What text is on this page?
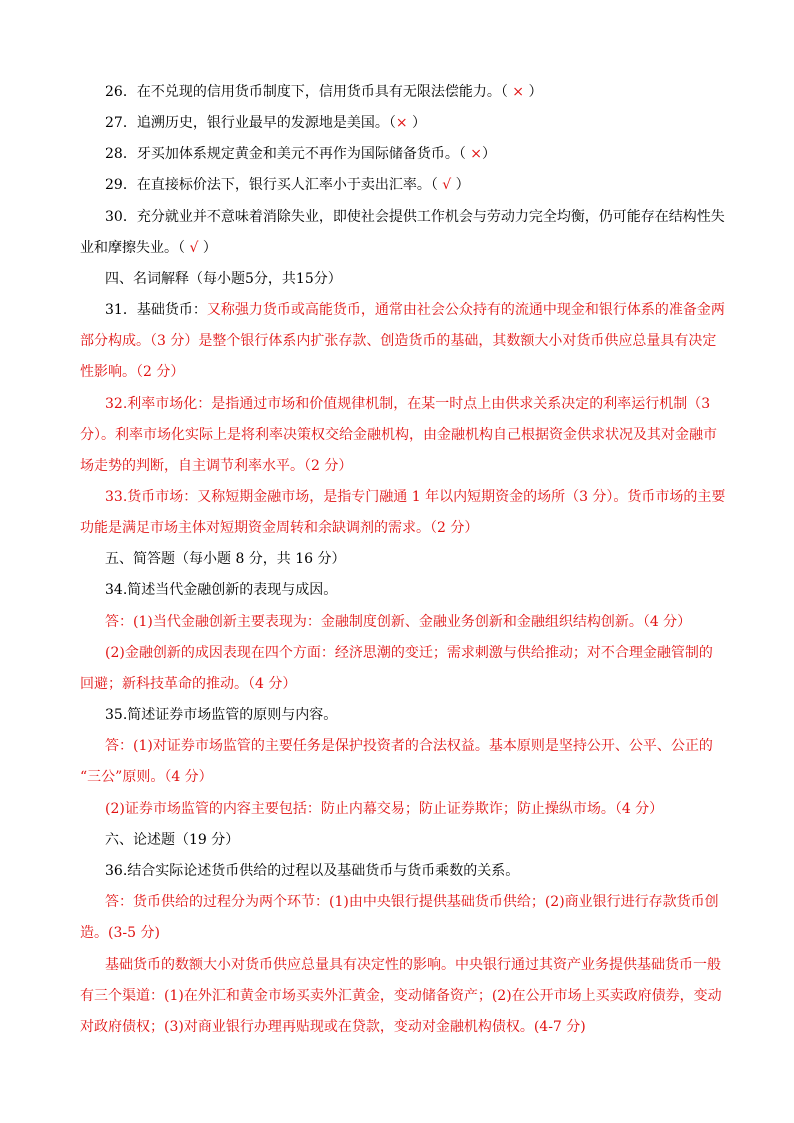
26．在不兑现的信用货币制度下，信用货币具有无限法偿能力。（ × ）
27．追溯历史，银行业最早的发源地是美国。（× ）
28．牙买加体系规定黄金和美元不再作为国际储备货币。（ ×）
29．在直接标价法下，银行买人汇率小于卖出汇率。（ √ ）
30．充分就业并不意味着消除失业，即使社会提供工作机会与劳动力完全均衡，仍可能存在结构性失
业和摩擦失业。（ √ ）
四、名词解释（每小题5分，共15分）
31．基础货币：又称强力货币或高能货币，通常由社会公众持有的流通中现金和银行体系的准备金两
部分构成。（3 分）是整个银行体系内扩张存款、创造货币的基础，其数额大小对货币供应总量具有决定
性影响。（2 分）
32.利率市场化：是指通过市场和价值规律机制，在某一时点上由供求关系决定的利率运行机制（3
分）。利率市场化实际上是将利率决策权交给金融机构，由金融机构自己根据资金供求状况及其对金融市
场走势的判断，自主调节利率水平。（2 分）
33.货币市场：又称短期金融市场，是指专门融通 1 年以内短期资金的场所（3 分）。货币市场的主要
功能是满足市场主体对短期资金周转和余缺调剂的需求。（2 分）
五、简答题（每小题 8 分，共 16 分）
34.简述当代金融创新的表现与成因。
答：(1)当代金融创新主要表现为：金融制度创新、金融业务创新和金融组织结构创新。（4 分）
(2)金融创新的成因表现在四个方面：经济思潮的变迁；需求刺激与供给推动；对不合理金融管制的
回避；新科技革命的推动。（4 分）
35.简述证券市场监管的原则与内容。
答：(1)对证券市场监管的主要任务是保护投资者的合法权益。基本原则是坚持公开、公平、公正的
“三公”原则。（4 分）
(2)证券市场监管的内容主要包括：防止内幕交易；防止证券欺诈；防止操纵市场。（4 分）
六、论述题（19 分）
36.结合实际论述货币供给的过程以及基础货币与货币乘数的关系。
答：货币供给的过程分为两个环节：(1)由中央银行提供基础货币供给；(2)商业银行进行存款货币创
造。(3-5 分)
基础货币的数额大小对货币供应总量具有决定性的影响。中央银行通过其资产业务提供基础货币一般
有三个渠道：(1)在外汇和黄金市场买卖外汇黄金，变动储备资产；(2)在公开市场上买卖政府债券，变动
对政府债权；(3)对商业银行办理再贴现或在贷款，变动对金融机构债权。(4-7 分)
